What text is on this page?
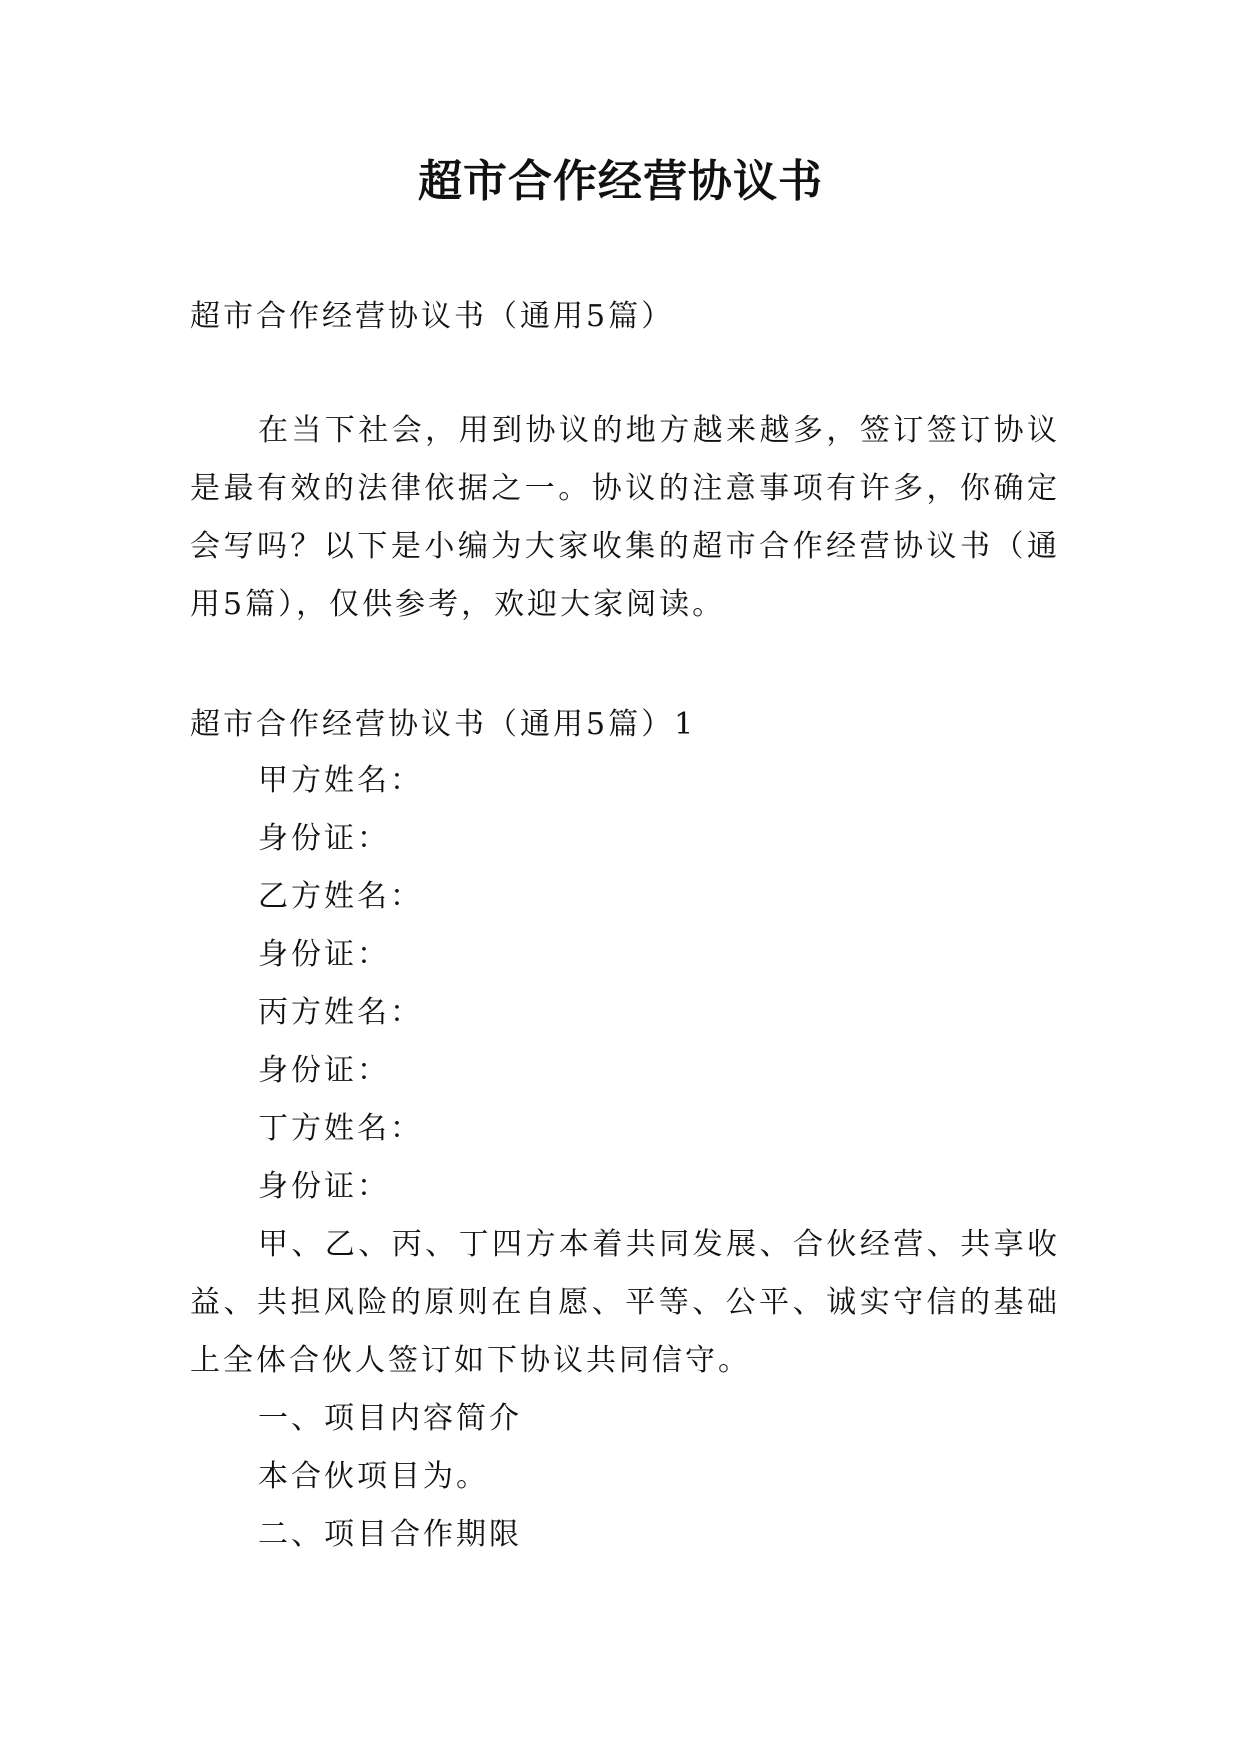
超市合作经营协议书

超市合作经营协议书（通用5篇）

在当下社会，用到协议的地方越来越多，签订签订协议是最有效的法律依据之一。协议的注意事项有许多，你确定会写吗？以下是小编为大家收集的超市合作经营协议书（通用5篇），仅供参考，欢迎大家阅读。

超市合作经营协议书（通用5篇）1

甲方姓名：

身份证：

乙方姓名：

身份证：

丙方姓名：

身份证：

丁方姓名：

身份证：

甲、乙、丙、丁四方本着共同发展、合伙经营、共享收益、共担风险的原则在自愿、平等、公平、诚实守信的基础上全体合伙人签订如下协议共同信守。

一、项目内容简介

本合伙项目为。

二、项目合作期限
